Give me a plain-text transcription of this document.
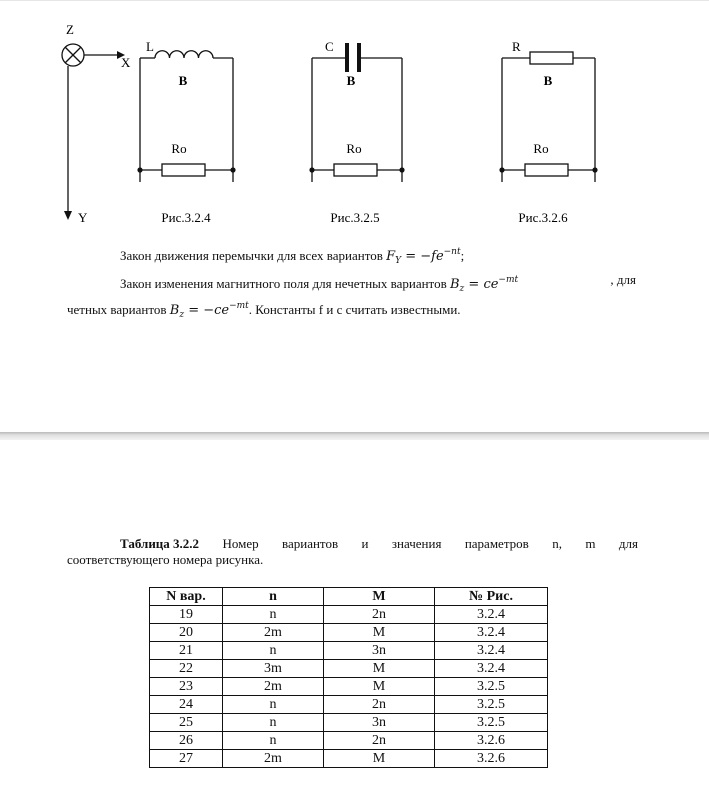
Z
X
Y
L
B
Ro
Рис.3.2.4
C
B
Ro
Рис.3.2.5
R
B
Ro
Рис.3.2.6
Закон движения перемычки для всех вариантов $F_Y = -fe^{-nt}$;
Закон изменения магнитного поля для нечетных вариантов $B_z = ce^{-mt}$	, для
четных вариантов $B_z = -ce^{-mt}$. Константы f и c считать известными.
Таблица 3.2.2 Номер вариантов и значения параметров n, m для
соответствующего номера рисунка.
N вар.	n	M	№ Рис.
19	n	2n	3.2.4
20	2m	M	3.2.4
21	n	3n	3.2.4
22	3m	M	3.2.4
23	2m	M	3.2.5
24	n	2n	3.2.5
25	n	3n	3.2.5
26	n	2n	3.2.6
27	2m	M	3.2.6
